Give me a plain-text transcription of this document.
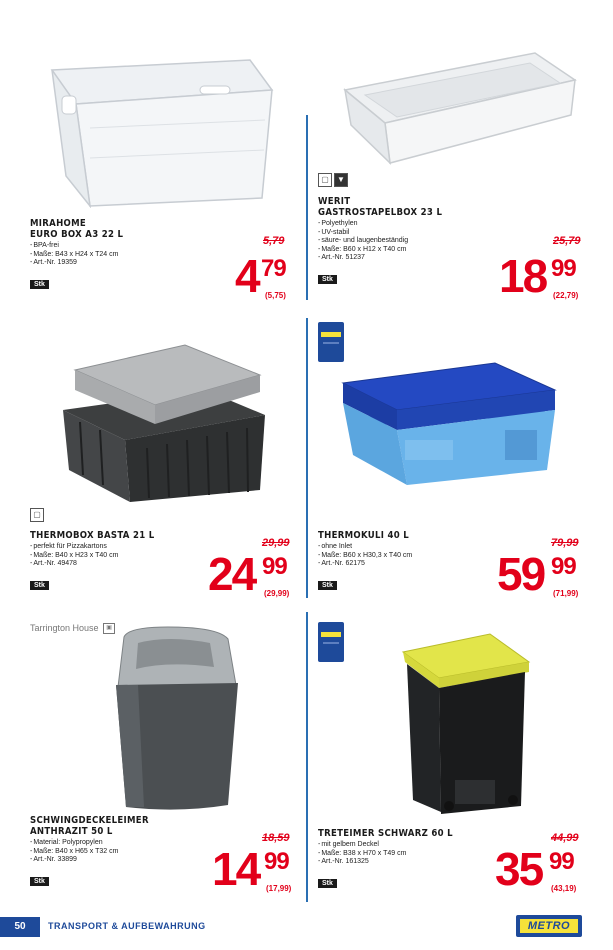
MIRAHOME
EURO BOX A3 22 L
- BPA-frei
- Maße: B43 x H24 x T24 cm
- Art.-Nr. 19359
Stk
5,79
4 79
(5,75)
▢	▼
WERIT
GASTROSTAPELBOX 23 L
- Polyethylen
- UV-stabil
- säure- und laugenbeständig
- Maße: B60 x H12 x T40 cm
- Art.-Nr. 51237
Stk
25,79
18 99
(22,79)
▢
THERMOBOX BASTA 21 L
- perfekt für Pizzakartons
- Maße: B40 x H23 x T40 cm
- Art.-Nr. 49478
Stk
29,99
24 99
(29,99)
THERMOKULI 40 L
- ohne Inlet
- Maße: B60 x H30,3 x T40 cm
- Art.-Nr. 62175
Stk
79,99
59 99
(71,99)
Tarrington House ▣
SCHWINGDECKELEIMER
ANTHRAZIT 50 L
- Material: Polypropylen
- Maße: B40 x H65 x T32 cm
- Art.-Nr. 33899
Stk
18,59
14 99
(17,99)
TRETEIMER SCHWARZ 60 L
- mit gelbem Deckel
- Maße: B38 x H70 x T49 cm
- Art.-Nr. 161325
Stk
44,99
35 99
(43,19)
50	TRANSPORT & AUFBEWAHRUNG	METRO
